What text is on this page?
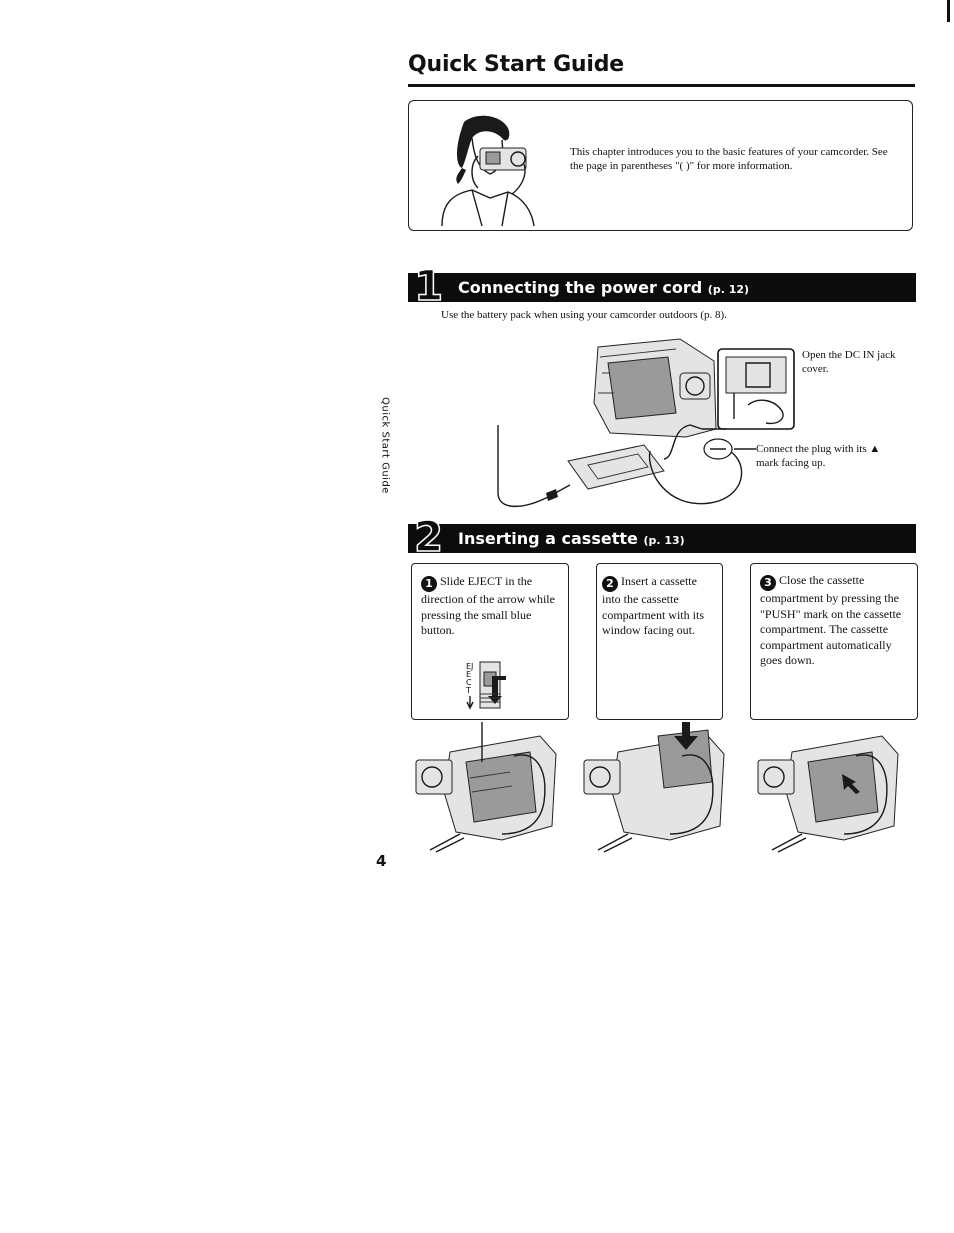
Quick Start Guide
This chapter introduces you to the basic features of your camcorder. See the page in parentheses "( )" for more information.
1 Connecting the power cord (p. 12)
Use the battery pack when using your camcorder outdoors (p. 8).
Open the DC IN jack cover.
Connect the plug with its ▲ mark facing up.
2 Inserting a cassette (p. 13)
1 Slide EJECT in the direction of the arrow while pressing the small blue button.
EJECT
2 Insert a cassette into the cassette compartment with its window facing out.
3 Close the cassette compartment by pressing the "PUSH" mark on the cassette compartment. The cassette compartment automatically goes down.
Quick Start Guide
4
